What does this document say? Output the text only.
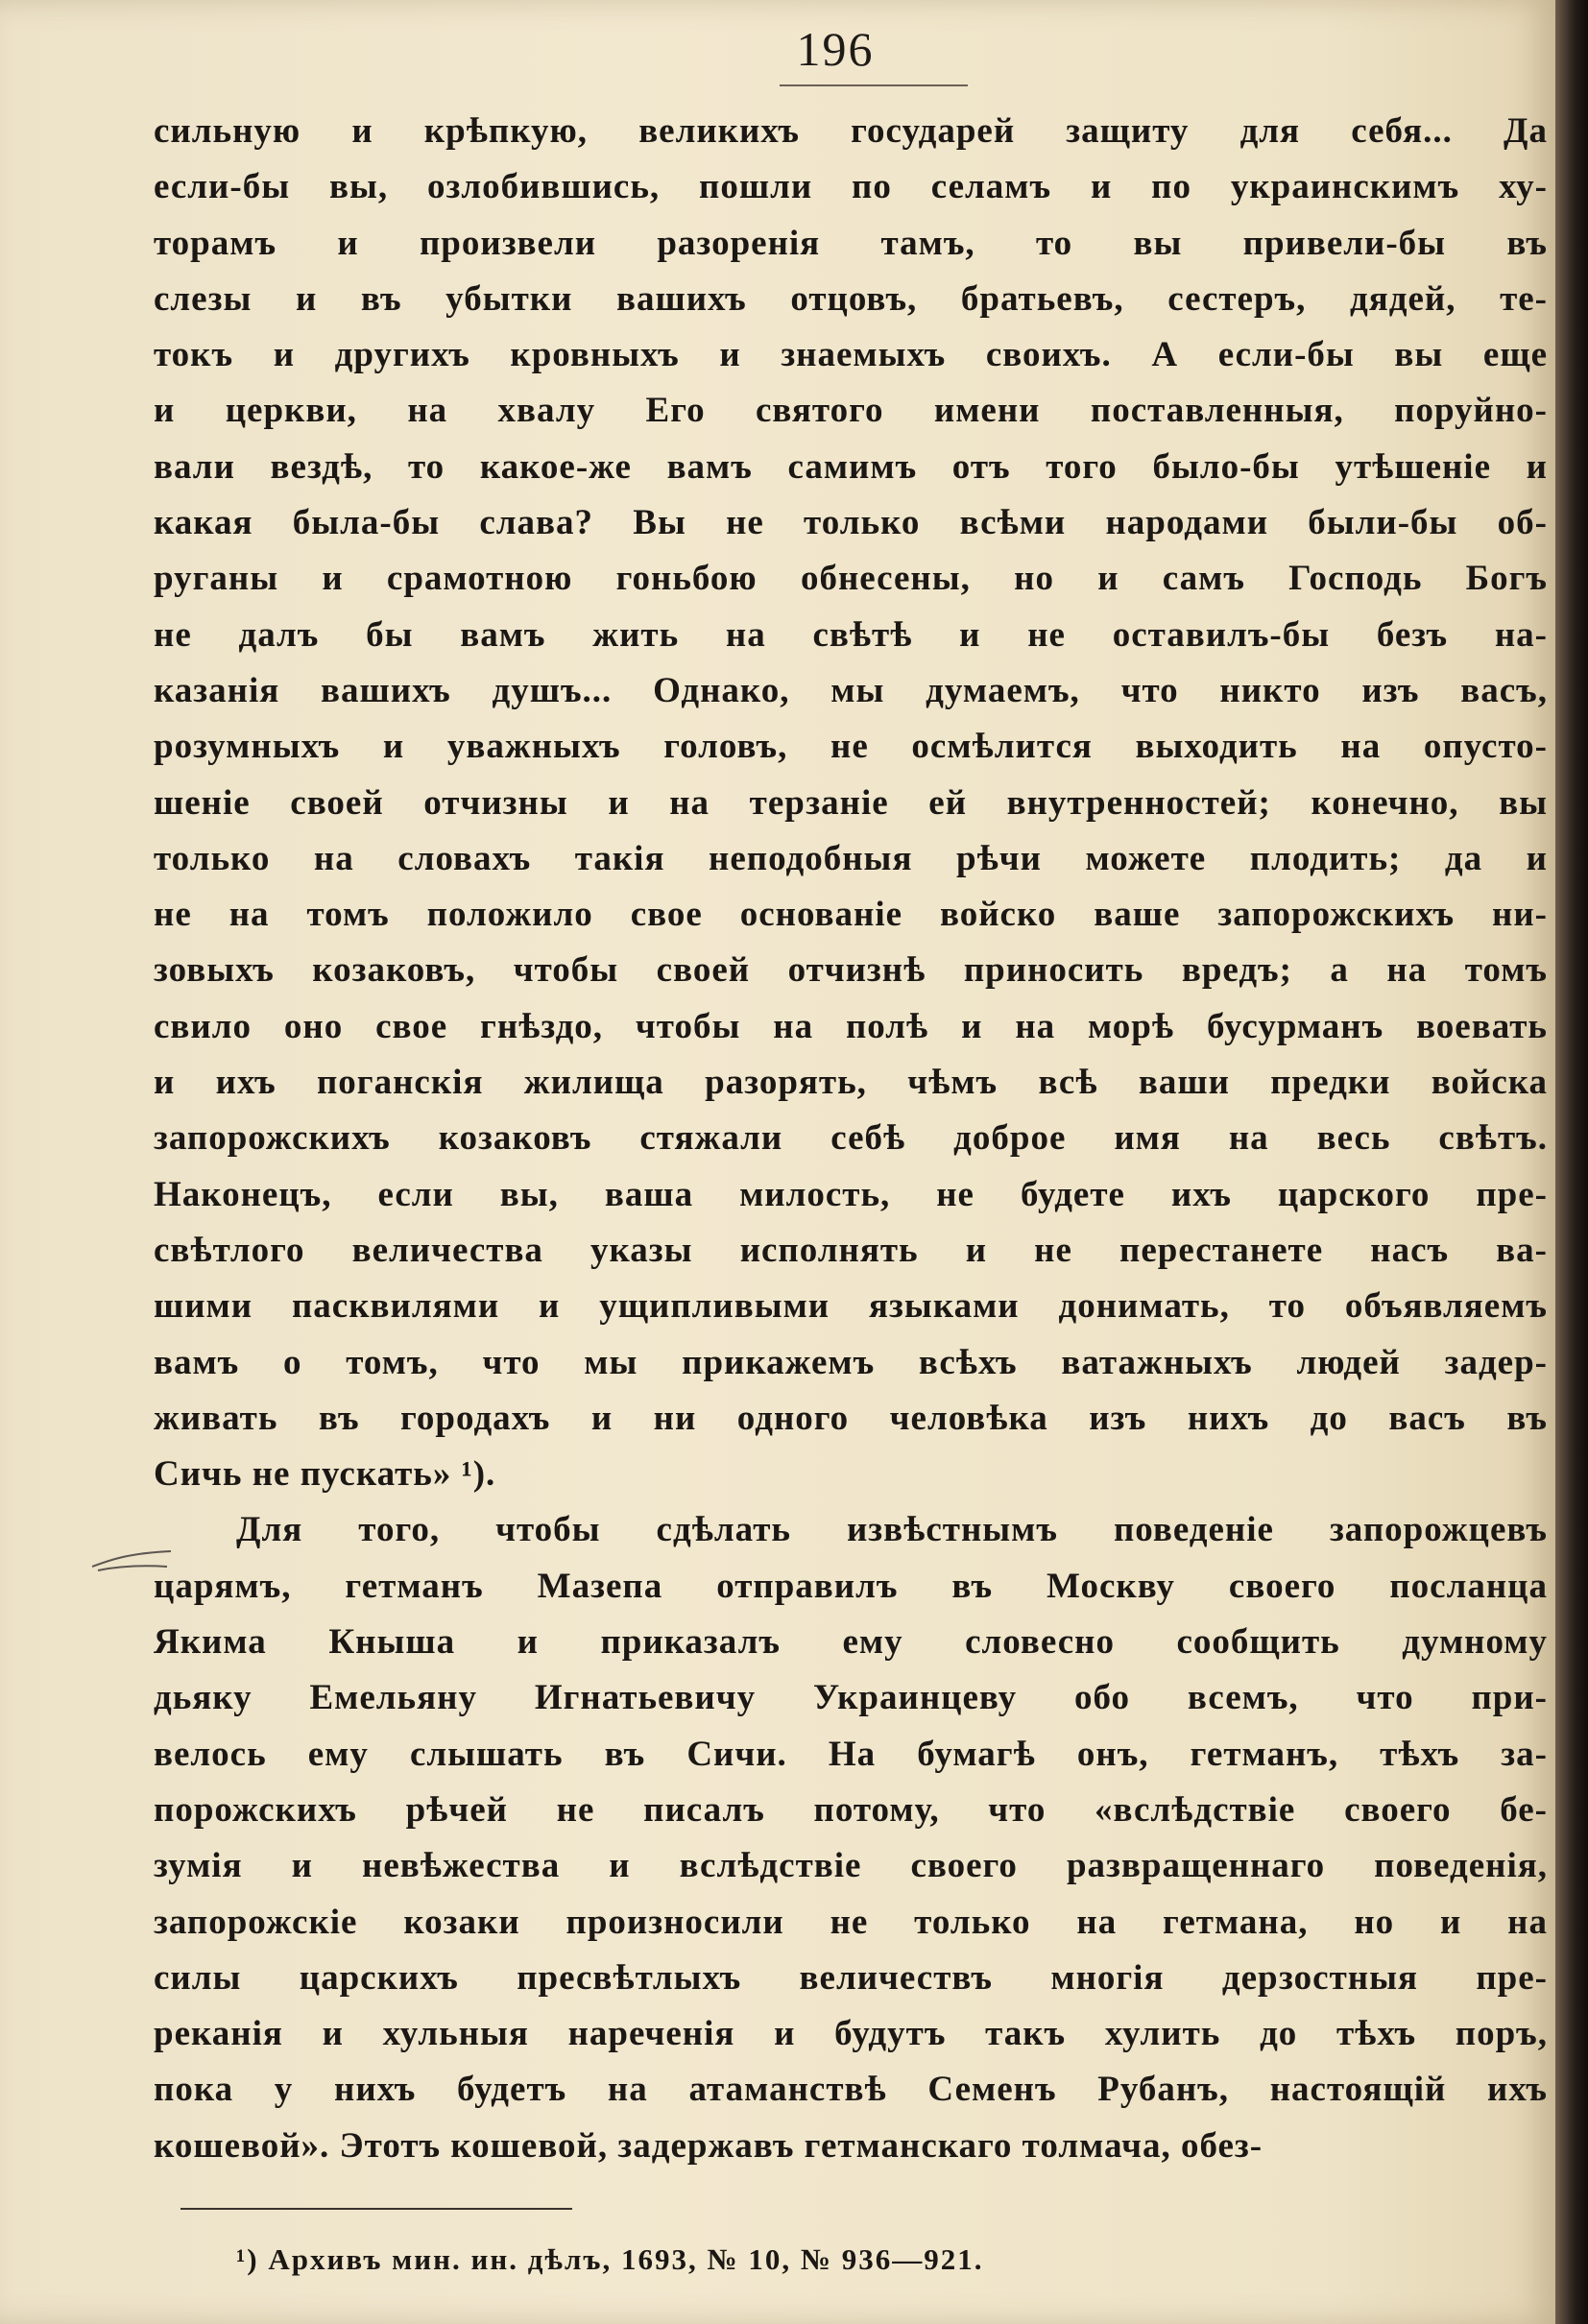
196
сильную и крѣпкую, великихъ государей защиту для себя... Да
если-бы вы, озлобившись, пошли по селамъ и по украинскимъ ху-
торамъ и произвели разоренія тамъ, то вы привели-бы въ
слезы и въ убытки вашихъ отцовъ, братьевъ, сестеръ, дядей, те-
токъ и другихъ кровныхъ и знаемыхъ своихъ. А если-бы вы еще
и церкви, на хвалу Его святого имени поставленныя, поруйно-
вали вездѣ, то какое-же вамъ самимъ отъ того было-бы утѣшеніе и
какая была-бы слава? Вы не только всѣми народами были-бы об-
руганы и срамотною гоньбою обнесены, но и самъ Господь Богъ
не далъ бы вамъ жить на свѣтѣ и не оставилъ-бы безъ на-
казанія вашихъ душъ... Однако, мы думаемъ, что никто изъ васъ,
розумныхъ и уважныхъ головъ, не осмѣлится выходить на опусто-
шеніе своей отчизны и на терзаніе ей внутренностей; конечно, вы
только на словахъ такія неподобныя рѣчи можете плодить; да и
не на томъ положило свое основаніе войско ваше запорожскихъ ни-
зовыхъ козаковъ, чтобы своей отчизнѣ приносить вредъ; а на томъ
свило оно свое гнѣздо, чтобы на полѣ и на морѣ бусурманъ воевать
и ихъ поганскія жилища разорять, чѣмъ всѣ ваши предки войска
запорожскихъ козаковъ стяжали себѣ доброе имя на весь свѣтъ.
Наконецъ, если вы, ваша милость, не будете ихъ царского пре-
свѣтлого величества указы исполнять и не перестанете насъ ва-
шими пасквилями и ущипливыми языками донимать, то объявляемъ
вамъ о томъ, что мы прикажемъ всѣхъ ватажныхъ людей задер-
живать въ городахъ и ни одного человѣка изъ нихъ до васъ въ
Сичь не пускать» ¹).
Для того, чтобы сдѣлать извѣстнымъ поведеніе запорожцевъ
царямъ, гетманъ Мазепа отправилъ въ Москву своего посланца
Якима Кныша и приказалъ ему словесно сообщить думному
дьяку Емельяну Игнатьевичу Украинцеву обо всемъ, что при-
велось ему слышать въ Сичи. На бумагѣ онъ, гетманъ, тѣхъ за-
порожскихъ рѣчей не писалъ потому, что «вслѣдствіе своего бе-
зумія и невѣжества и вслѣдствіе своего развращеннаго поведенія,
запорожскіе козаки произносили не только на гетмана, но и на
силы царскихъ пресвѣтлыхъ величествъ многія дерзостныя пре-
реканія и хульныя нареченія и будутъ такъ хулить до тѣхъ поръ,
пока у нихъ будетъ на атаманствѣ Семенъ Рубанъ, настоящій ихъ
кошевой». Этотъ кошевой, задержавъ гетманскаго толмача, обез-
¹) Архивъ мин. ин. дѣлъ, 1693, № 10, № 936—921.
